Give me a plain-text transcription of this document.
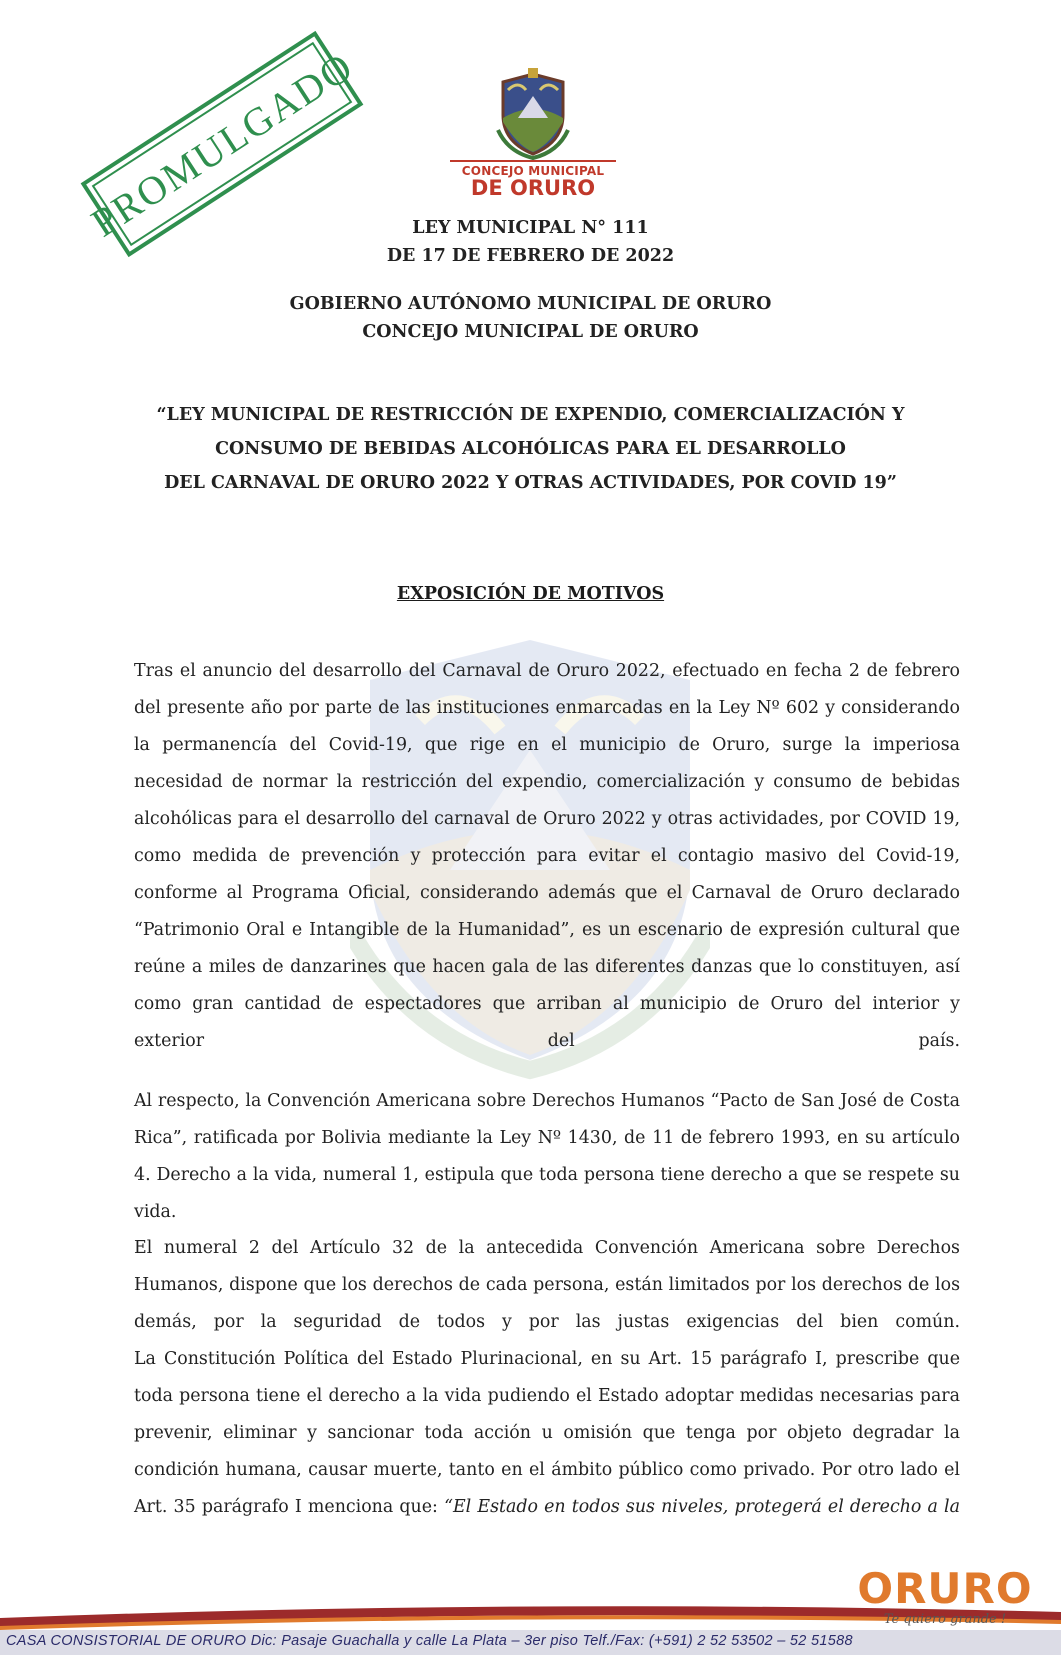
PROMULGADO	CONCEJO MUNICIPAL
DE ORURO
LEY MUNICIPAL N° 111
DE 17 DE FEBRERO DE 2022
GOBIERNO AUTÓNOMO MUNICIPAL DE ORURO
CONCEJO MUNICIPAL DE ORURO
“LEY MUNICIPAL DE RESTRICCIÓN DE EXPENDIO, COMERCIALIZACIÓN Y
CONSUMO DE BEBIDAS ALCOHÓLICAS PARA EL DESARROLLO
DEL CARNAVAL DE ORURO 2022 Y OTRAS ACTIVIDADES, POR COVID 19”
EXPOSICIÓN DE MOTIVOS
Tras el anuncio del desarrollo del Carnaval de Oruro 2022, efectuado en fecha 2 de febrero del presente año por parte de las instituciones enmarcadas en la Ley Nº 602 y considerando la permanencía del Covid-19, que rige en el municipio de Oruro, surge la imperiosa necesidad de normar la restricción del expendio, comercialización y consumo de bebidas alcohólicas para el desarrollo del carnaval de Oruro 2022 y otras actividades, por COVID 19, como medida de prevención y protección para evitar el contagio masivo del Covid-19, conforme al Programa Oficial, considerando además que el Carnaval de Oruro declarado “Patrimonio Oral e Intangible de la Humanidad”, es un escenario de expresión cultural que reúne a miles de danzarines que hacen gala de las diferentes danzas que lo constituyen, así como gran cantidad de espectadores que arriban al municipio de Oruro del interior y exterior del país.
Al respecto, la Convención Americana sobre Derechos Humanos “Pacto de San José de Costa Rica”, ratificada por Bolivia mediante la Ley Nº 1430, de 11 de febrero 1993, en su artículo 4. Derecho a la vida, numeral 1, estipula que toda persona tiene derecho a que se respete su vida.
El numeral 2 del Artículo 32 de la antecedida Convención Americana sobre Derechos Humanos, dispone que los derechos de cada persona, están limitados por los derechos de los demás, por la seguridad de todos y por las justas exigencias del bien común.
La Constitución Política del Estado Plurinacional, en su Art. 15 parágrafo I, prescribe que toda persona tiene el derecho a la vida pudiendo el Estado adoptar medidas necesarias para prevenir, eliminar y sancionar toda acción u omisión que tenga por objeto degradar la condición humana, causar muerte, tanto en el ámbito público como privado. Por otro lado el Art. 35 parágrafo I menciona que: “El Estado en todos sus niveles, protegerá el derecho a la
CASA CONSISTORIAL DE ORURO Dic: Pasaje Guachalla y calle La Plata – 3er piso Telf./Fax: (+591) 2 52 53502 – 52 51588
ORURO
Te quiero grande !
